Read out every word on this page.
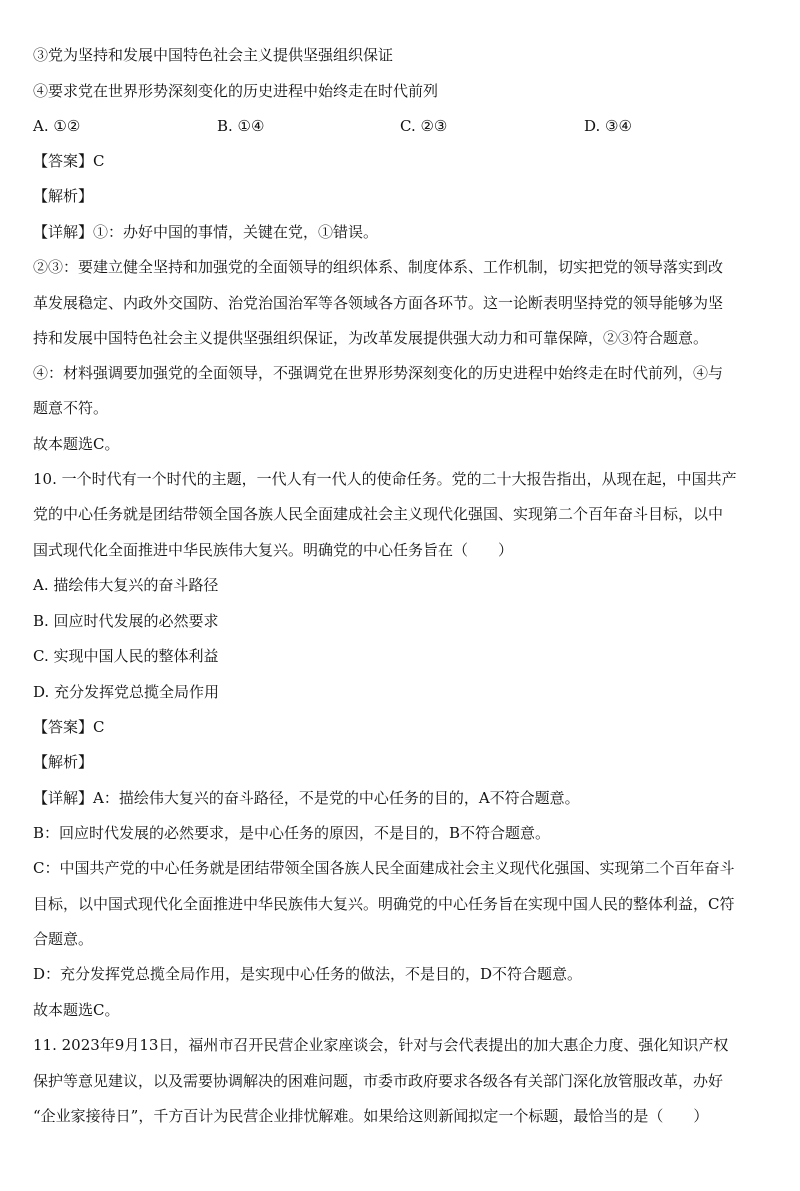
③党为坚持和发展中国特色社会主义提供坚强组织保证
④要求党在世界形势深刻变化的历史进程中始终走在时代前列
A. ①②	B. ①④	C. ②③	D. ③④
【答案】C
【解析】
【详解】①：办好中国的事情，关键在党，①错误。
②③：要建立健全坚持和加强党的全面领导的组织体系、制度体系、工作机制，切实把党的领导落实到改
革发展稳定、内政外交国防、治党治国治军等各领域各方面各环节。这一论断表明坚持党的领导能够为坚
持和发展中国特色社会主义提供坚强组织保证，为改革发展提供强大动力和可靠保障，②③符合题意。
④：材料强调要加强党的全面领导，不强调党在世界形势深刻变化的历史进程中始终走在时代前列，④与
题意不符。
故本题选C。
10. 一个时代有一个时代的主题，一代人有一代人的使命任务。党的二十大报告指出，从现在起，中国共产
党的中心任务就是团结带领全国各族人民全面建成社会主义现代化强国、实现第二个百年奋斗目标，以中
国式现代化全面推进中华民族伟大复兴。明确党的中心任务旨在（　　）
A. 描绘伟大复兴的奋斗路径
B. 回应时代发展的必然要求
C. 实现中国人民的整体利益
D. 充分发挥党总揽全局作用
【答案】C
【解析】
【详解】A：描绘伟大复兴的奋斗路径，不是党的中心任务的目的，A不符合题意。
B：回应时代发展的必然要求，是中心任务的原因，不是目的，B不符合题意。
C：中国共产党的中心任务就是团结带领全国各族人民全面建成社会主义现代化强国、实现第二个百年奋斗
目标，以中国式现代化全面推进中华民族伟大复兴。明确党的中心任务旨在实现中国人民的整体利益，C符
合题意。
D：充分发挥党总揽全局作用，是实现中心任务的做法，不是目的，D不符合题意。
故本题选C。
11. 2023年9月13日，福州市召开民营企业家座谈会，针对与会代表提出的加大惠企力度、强化知识产权
保护等意见建议，以及需要协调解决的困难问题，市委市政府要求各级各有关部门深化放管服改革，办好
“企业家接待日”，千方百计为民营企业排忧解难。如果给这则新闻拟定一个标题，最恰当的是（　　）
